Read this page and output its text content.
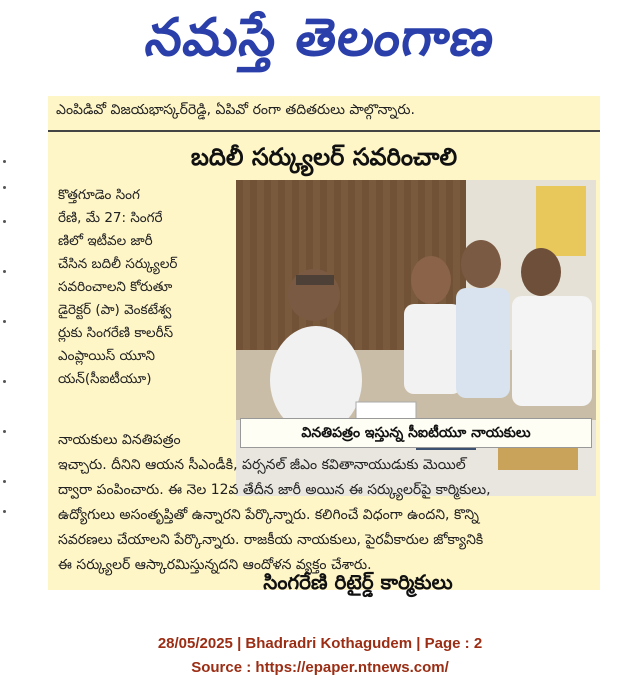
నమస్తే తెలంగాణ
ఎంపిడివో విజయభాస్కర్‌రెడ్డి, ఏపివో రంగా తదితరులు పాల్గొన్నారు.
బదిలీ సర్క్యులర్ సవరించాలి
కొత్తగూడెం సింగ
రేణి, మే 27: సింగరే
ణిలో ఇటీవల జారీ
చేసిన బదిలీ సర్క్యులర్
సవరించాలని కోరుతూ
డైరెక్టర్ (పా) వెంకటేశ్వ
ర్లుకు సింగరేణి కాలరీస్
ఎంప్లాయిస్ యూని
యన్(సీఐటీయూ)
వినతిపత్రం ఇస్తున్న సీఐటీయూ నాయకులు
నాయకులు వినతిపత్రం
ఇచ్చారు. దీనిని ఆయన సీఎండీకి, పర్సనల్ జీఎం కవితానాయుడుకు మెయిల్
ద్వారా పంపించారు. ఈ నెల 12వ తేదీన జారీ అయిన ఈ సర్క్యులర్‌పై కార్మికులు,
ఉద్యోగులు అసంతృప్తితో ఉన్నారని పేర్కొన్నారు. కలిగించే విధంగా ఉందని, కొన్ని
సవరణలు చేయాలని పేర్కొన్నారు. రాజకీయ నాయకులు, పైరవీకారుల జోక్యానికి
ఈ సర్క్యులర్ ఆస్కారమిస్తున్నదని ఆందోళన వ్యక్తం చేశారు.
సింగరేణి రిటైర్డ్ కార్మికులు
28/05/2025 | Bhadradri Kothagudem | Page : 2
Source : https://epaper.ntnews.com/
